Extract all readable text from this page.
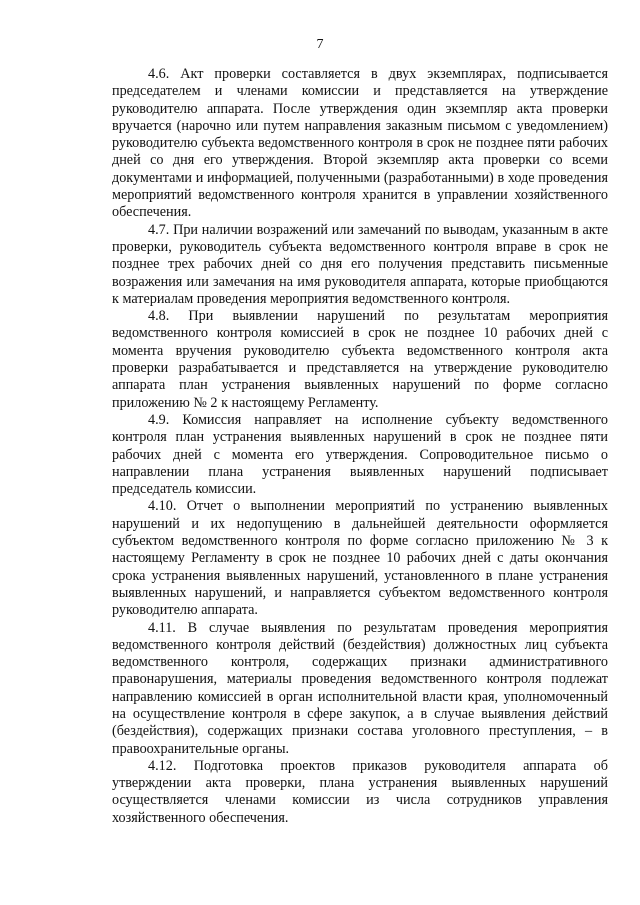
7

4.6. Акт проверки составляется в двух экземплярах, подписывается председателем и членами комиссии и представляется на утверждение руководителю аппарата. После утверждения один экземпляр акта проверки вручается (нарочно или путем направления заказным письмом с уведомлением) руководителю субъекта ведомственного контроля в срок не позднее пяти рабочих дней со дня его утверждения. Второй экземпляр акта проверки со всеми документами и информацией, полученными (разработанными) в ходе проведения мероприятий ведомственного контроля хранится в управлении хозяйственного обеспечения.

4.7. При наличии возражений или замечаний по выводам, указанным в акте проверки, руководитель субъекта ведомственного контроля вправе в срок не позднее трех рабочих дней со дня его получения представить письменные возражения или замечания на имя руководителя аппарата, которые приобщаются к материалам проведения мероприятия ведомственного контроля.

4.8. При выявлении нарушений по результатам мероприятия ведомственного контроля комиссией в срок не позднее 10 рабочих дней с момента вручения руководителю субъекта ведомственного контроля акта проверки разрабатывается и представляется на утверждение руководителю аппарата план устранения выявленных нарушений по форме согласно приложению № 2 к настоящему Регламенту.

4.9. Комиссия направляет на исполнение субъекту ведомственного контроля план устранения выявленных нарушений в срок не позднее пяти рабочих дней с момента его утверждения. Сопроводительное письмо о направлении плана устранения выявленных нарушений подписывает председатель комиссии.

4.10. Отчет о выполнении мероприятий по устранению выявленных нарушений и их недопущению в дальнейшей деятельности оформляется субъектом ведомственного контроля по форме согласно приложению № 3 к настоящему Регламенту в срок не позднее 10 рабочих дней с даты окончания срока устранения выявленных нарушений, установленного в плане устранения выявленных нарушений, и направляется субъектом ведомственного контроля руководителю аппарата.

4.11. В случае выявления по результатам проведения мероприятия ведомственного контроля действий (бездействия) должностных лиц субъекта ведомственного контроля, содержащих признаки административного правонарушения, материалы проведения ведомственного контроля подлежат направлению комиссией в орган исполнительной власти края, уполномоченный на осуществление контроля в сфере закупок, а в случае выявления действий (бездействия), содержащих признаки состава уголовного преступления, – в правоохранительные органы.

4.12. Подготовка проектов приказов руководителя аппарата об утверждении акта проверки, плана устранения выявленных нарушений осуществляется членами комиссии из числа сотрудников управления хозяйственного обеспечения.
